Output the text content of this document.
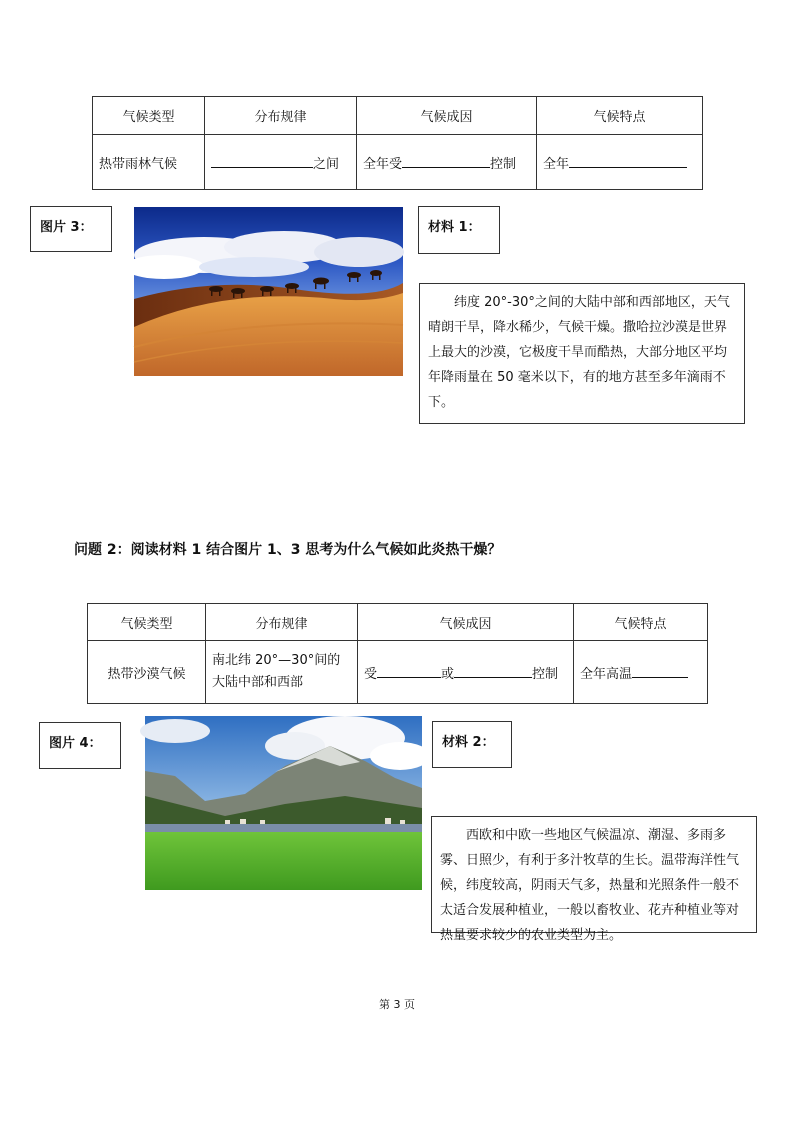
气候类型	分布规律	气候成因	气候特点
热带雨林气候	之间	全年受 控制	全年
图片 3：	材料 1：

纬度 20°-30°之间的大陆中部和西部地区，天气晴朗干旱，降水稀少，气候干燥。撒哈拉沙漠是世界上最大的沙漠，它极度干旱而酷热，大部分地区平均年降雨量在 50 毫米以下，有的地方甚至多年滴雨不下。

问题 2：阅读材料 1 结合图片 1、3 思考为什么气候如此炎热干燥？
气候类型	分布规律	气候成因	气候特点
热带沙漠气候	南北纬 20°—30°间的大陆中部和西部	受 或 控制	全年高温
图片 4：	材料 2：

西欧和中欧一些地区气候温凉、潮湿、多雨多雾、日照少，有利于多汁牧草的生长。温带海洋性气候，纬度较高，阴雨天气多，热量和光照条件一般不太适合发展种植业，一般以畜牧业、花卉种植业等对热量要求较少的农业类型为主。

第 3 页
